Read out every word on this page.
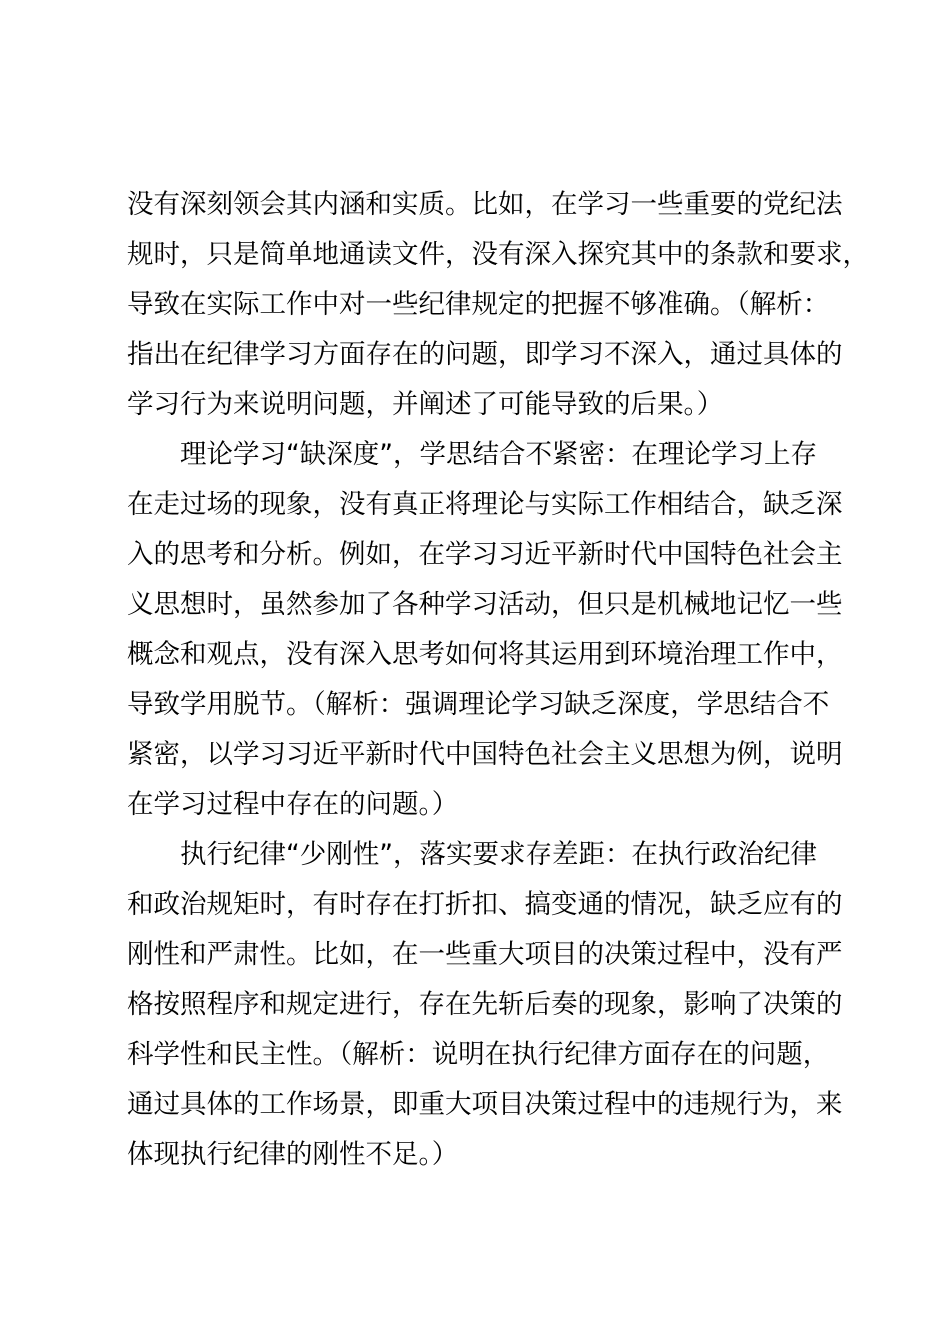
没有深刻领会其内涵和实质。比如，在学习一些重要的党纪法
规时，只是简单地通读文件，没有深入探究其中的条款和要求，
导致在实际工作中对一些纪律规定的把握不够准确。（解析：
指出在纪律学习方面存在的问题，即学习不深入，通过具体的
学习行为来说明问题，并阐述了可能导致的后果。）
理论学习“缺深度”，学思结合不紧密：在理论学习上存
在走过场的现象，没有真正将理论与实际工作相结合，缺乏深
入的思考和分析。例如，在学习习近平新时代中国特色社会主
义思想时，虽然参加了各种学习活动，但只是机械地记忆一些
概念和观点，没有深入思考如何将其运用到环境治理工作中，
导致学用脱节。（解析：强调理论学习缺乏深度，学思结合不
紧密，以学习习近平新时代中国特色社会主义思想为例，说明
在学习过程中存在的问题。）
执行纪律“少刚性”，落实要求存差距：在执行政治纪律
和政治规矩时，有时存在打折扣、搞变通的情况，缺乏应有的
刚性和严肃性。比如，在一些重大项目的决策过程中，没有严
格按照程序和规定进行，存在先斩后奏的现象，影响了决策的
科学性和民主性。（解析：说明在执行纪律方面存在的问题，
通过具体的工作场景，即重大项目决策过程中的违规行为，来
体现执行纪律的刚性不足。）
